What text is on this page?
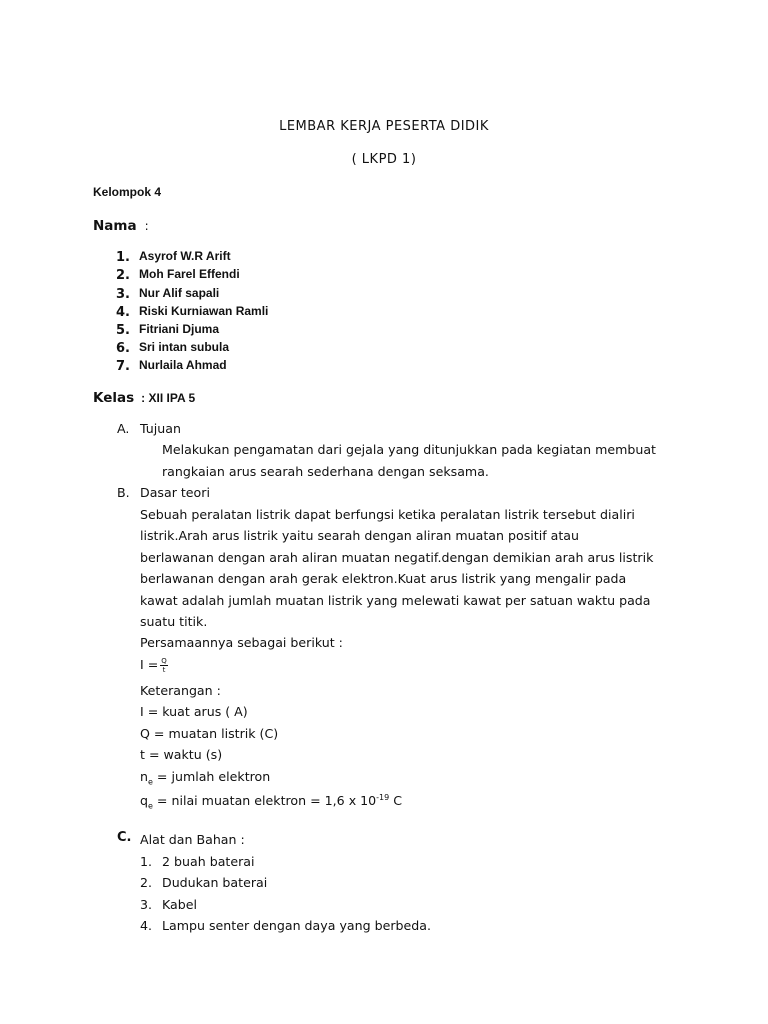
LEMBAR KERJA PESERTA DIDIK
( LKPD 1)
Kelompok 4
Nama :
1. Asyrof W.R Arift
2. Moh Farel Effendi
3. Nur Alif sapali
4. Riski Kurniawan Ramli
5. Fitriani Djuma
6. Sri intan subula
7. Nurlaila Ahmad
Kelas : XII IPA 5
A. Tujuan
Melakukan pengamatan dari gejala yang ditunjukkan pada kegiatan membuat
rangkaian arus searah sederhana dengan seksama.
B. Dasar teori
Sebuah peralatan listrik dapat berfungsi ketika peralatan listrik tersebut dialiri
listrik.Arah arus listrik yaitu searah dengan aliran muatan positif atau
berlawanan dengan arah aliran muatan negatif.dengan demikian arah arus listrik
berlawanan dengan arah gerak elektron.Kuat arus listrik yang mengalir pada
kawat adalah jumlah muatan listrik yang melewati kawat per satuan waktu pada
suatu titik.
Persamaannya sebagai berikut :
$I = \frac{Q}{t}$
Keterangan :
I = kuat arus ( A)
Q = muatan listrik (C)
t = waktu (s)
$n_e$ = jumlah elektron
$q_e$ = nilai muatan elektron = 1,6 x $10^{-19}$ C
C. Alat dan Bahan :
1. 2 buah baterai
2. Dudukan baterai
3. Kabel
4. Lampu senter dengan daya yang berbeda.
